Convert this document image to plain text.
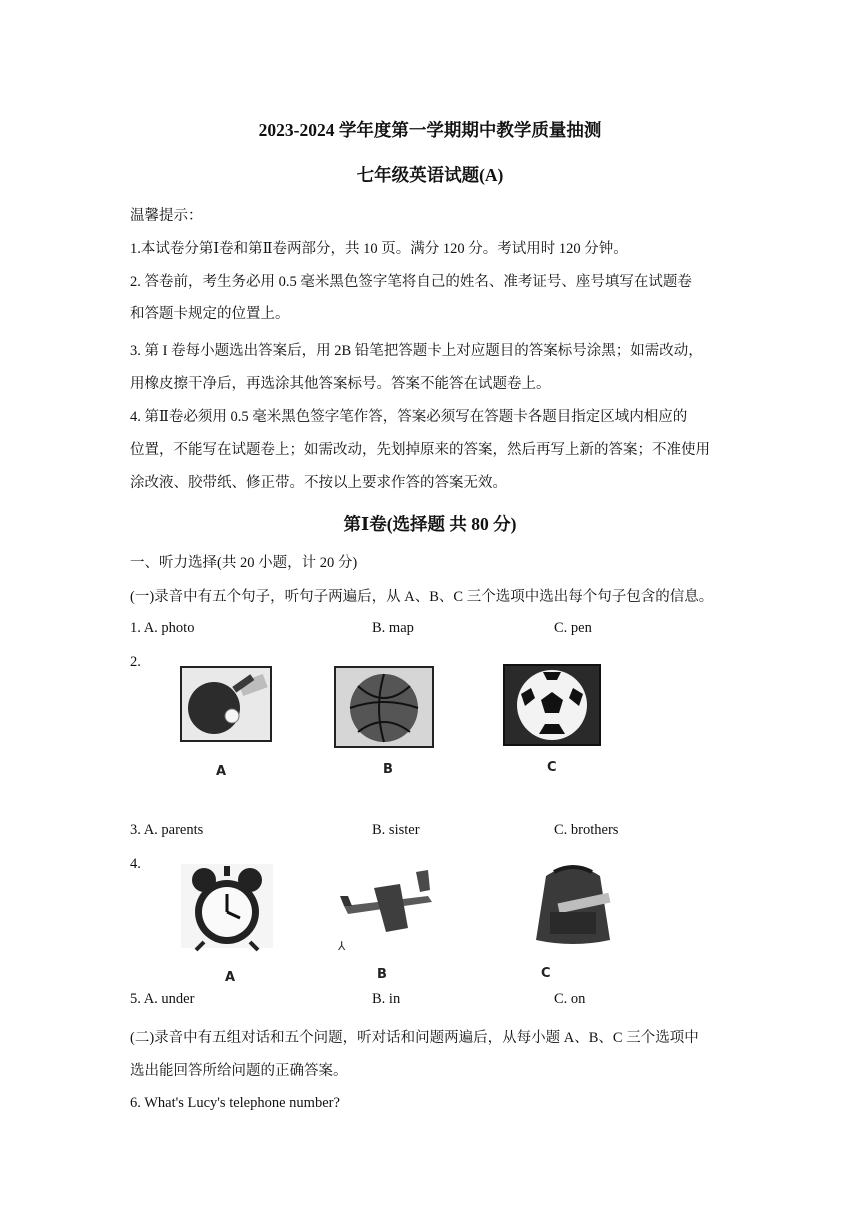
2023-2024 学年度第一学期期中教学质量抽测
七年级英语试题(A)
温馨提示：
1.本试卷分第Ⅰ卷和第Ⅱ卷两部分，共 10 页。满分 120 分。考试用时 120 分钟。
2. 答卷前，考生务必用 0.5 毫米黑色签字笔将自己的姓名、准考证号、座号填写在试题卷
和答题卡规定的位置上。
3. 第 I 卷每小题选出答案后，用 2B 铅笔把答题卡上对应题目的答案标号涂黑；如需改动，
用橡皮擦干净后，再选涂其他答案标号。答案不能答在试题卷上。
4. 第Ⅱ卷必须用 0.5 毫米黑色签字笔作答，答案必须写在答题卡各题目指定区域内相应的
位置，不能写在试题卷上；如需改动，先划掉原来的答案，然后再写上新的答案；不准使用
涂改液、胶带纸、修正带。不按以上要求作答的答案无效。
第Ⅰ卷(选择题 共 80 分)
一、听力选择(共 20 小题，计 20 分)
(一)录音中有五个句子，听句子两遍后，从 A、B、C 三个选项中选出每个句子包含的信息。
1. A. photo	B. map	C. pen
2.
A	B	C
3. A. parents	B. sister	C. brothers
4.
A
⅄
B	C
5. A. under	B. in	C. on
(二)录音中有五组对话和五个问题，听对话和问题两遍后，从每小题 A、B、C 三个选项中
选出能回答所给问题的正确答案。
6. What's Lucy's telephone number?
